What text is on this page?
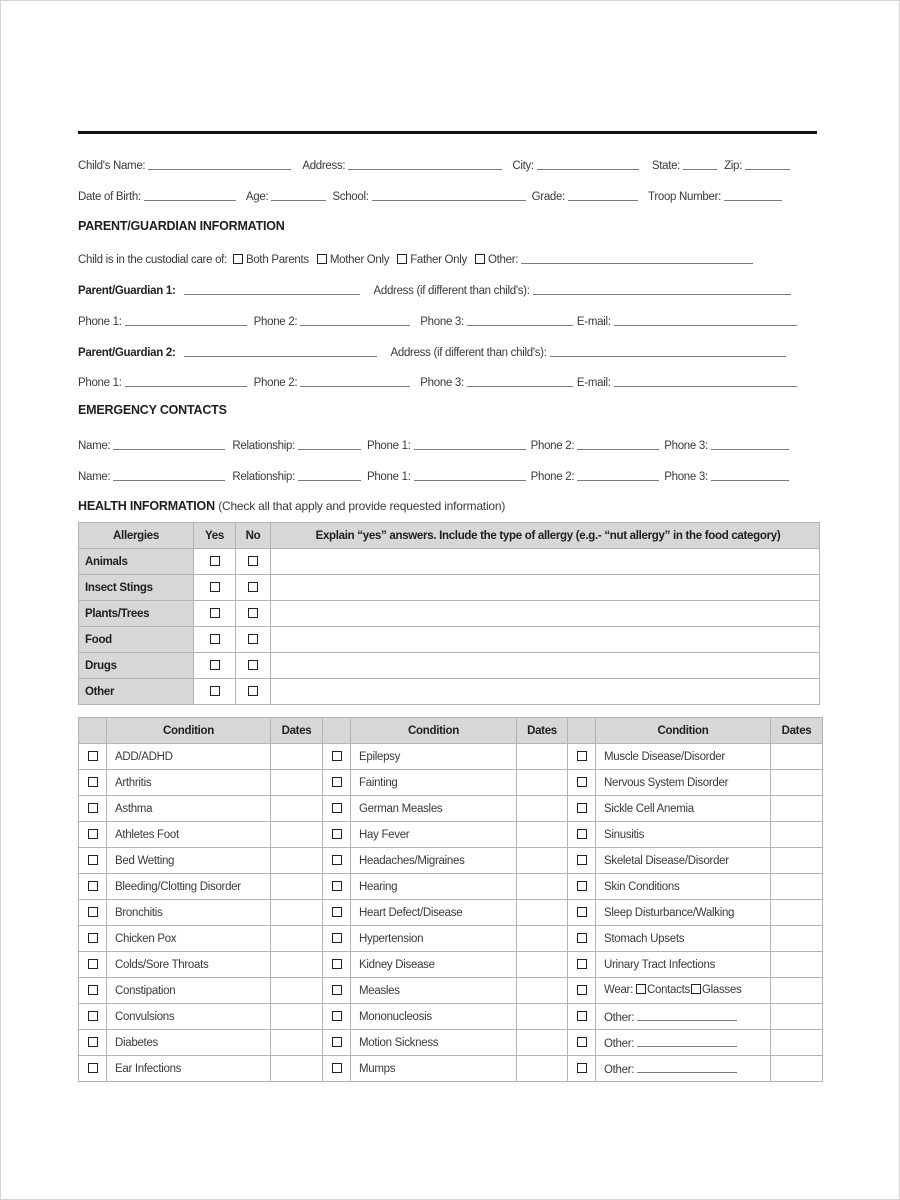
Child's Name:	Address:	City:	State:	Zip:
Date of Birth:	Age:	School:	Grade:	Troop Number:
PARENT/GUARDIAN INFORMATION
Child is in the custodial care of: Both Parents Mother Only Father Only Other:
Parent/Guardian 1:	Address (if different than child's):
Phone 1:	Phone 2:	Phone 3:	E-mail:
Parent/Guardian 2:	Address (if different than child's):
Phone 1:	Phone 2:	Phone 3:	E-mail:
EMERGENCY CONTACTS
Name:	Relationship:	Phone 1:	Phone 2:	Phone 3:
Name:	Relationship:	Phone 1:	Phone 2:	Phone 3:
HEALTH INFORMATION (Check all that apply and provide requested information)
Allergies	Yes	No	Explain “yes” answers. Include the type of allergy (e.g.- “nut allergy” in the food category)
Animals			
Insect Stings			
Plants/Trees			
Food			
Drugs			
Other			
	Condition	Dates		Condition	Dates		Condition	Dates
	ADD/ADHD			Epilepsy			Muscle Disease/Disorder	
	Arthritis			Fainting			Nervous System Disorder	
	Asthma			German Measles			Sickle Cell Anemia	
	Athletes Foot			Hay Fever			Sinusitis	
	Bed Wetting			Headaches/Migraines			Skeletal Disease/Disorder	
	Bleeding/Clotting Disorder			Hearing			Skin Conditions	
	Bronchitis			Heart Defect/Disease			Sleep Disturbance/Walking	
	Chicken Pox			Hypertension			Stomach Upsets	
	Colds/Sore Throats			Kidney Disease			Urinary Tract Infections	
	Constipation			Measles			Wear: Contacts Glasses	
	Convulsions			Mononucleosis			Other:	
	Diabetes			Motion Sickness			Other:	
	Ear Infections			Mumps			Other:	
